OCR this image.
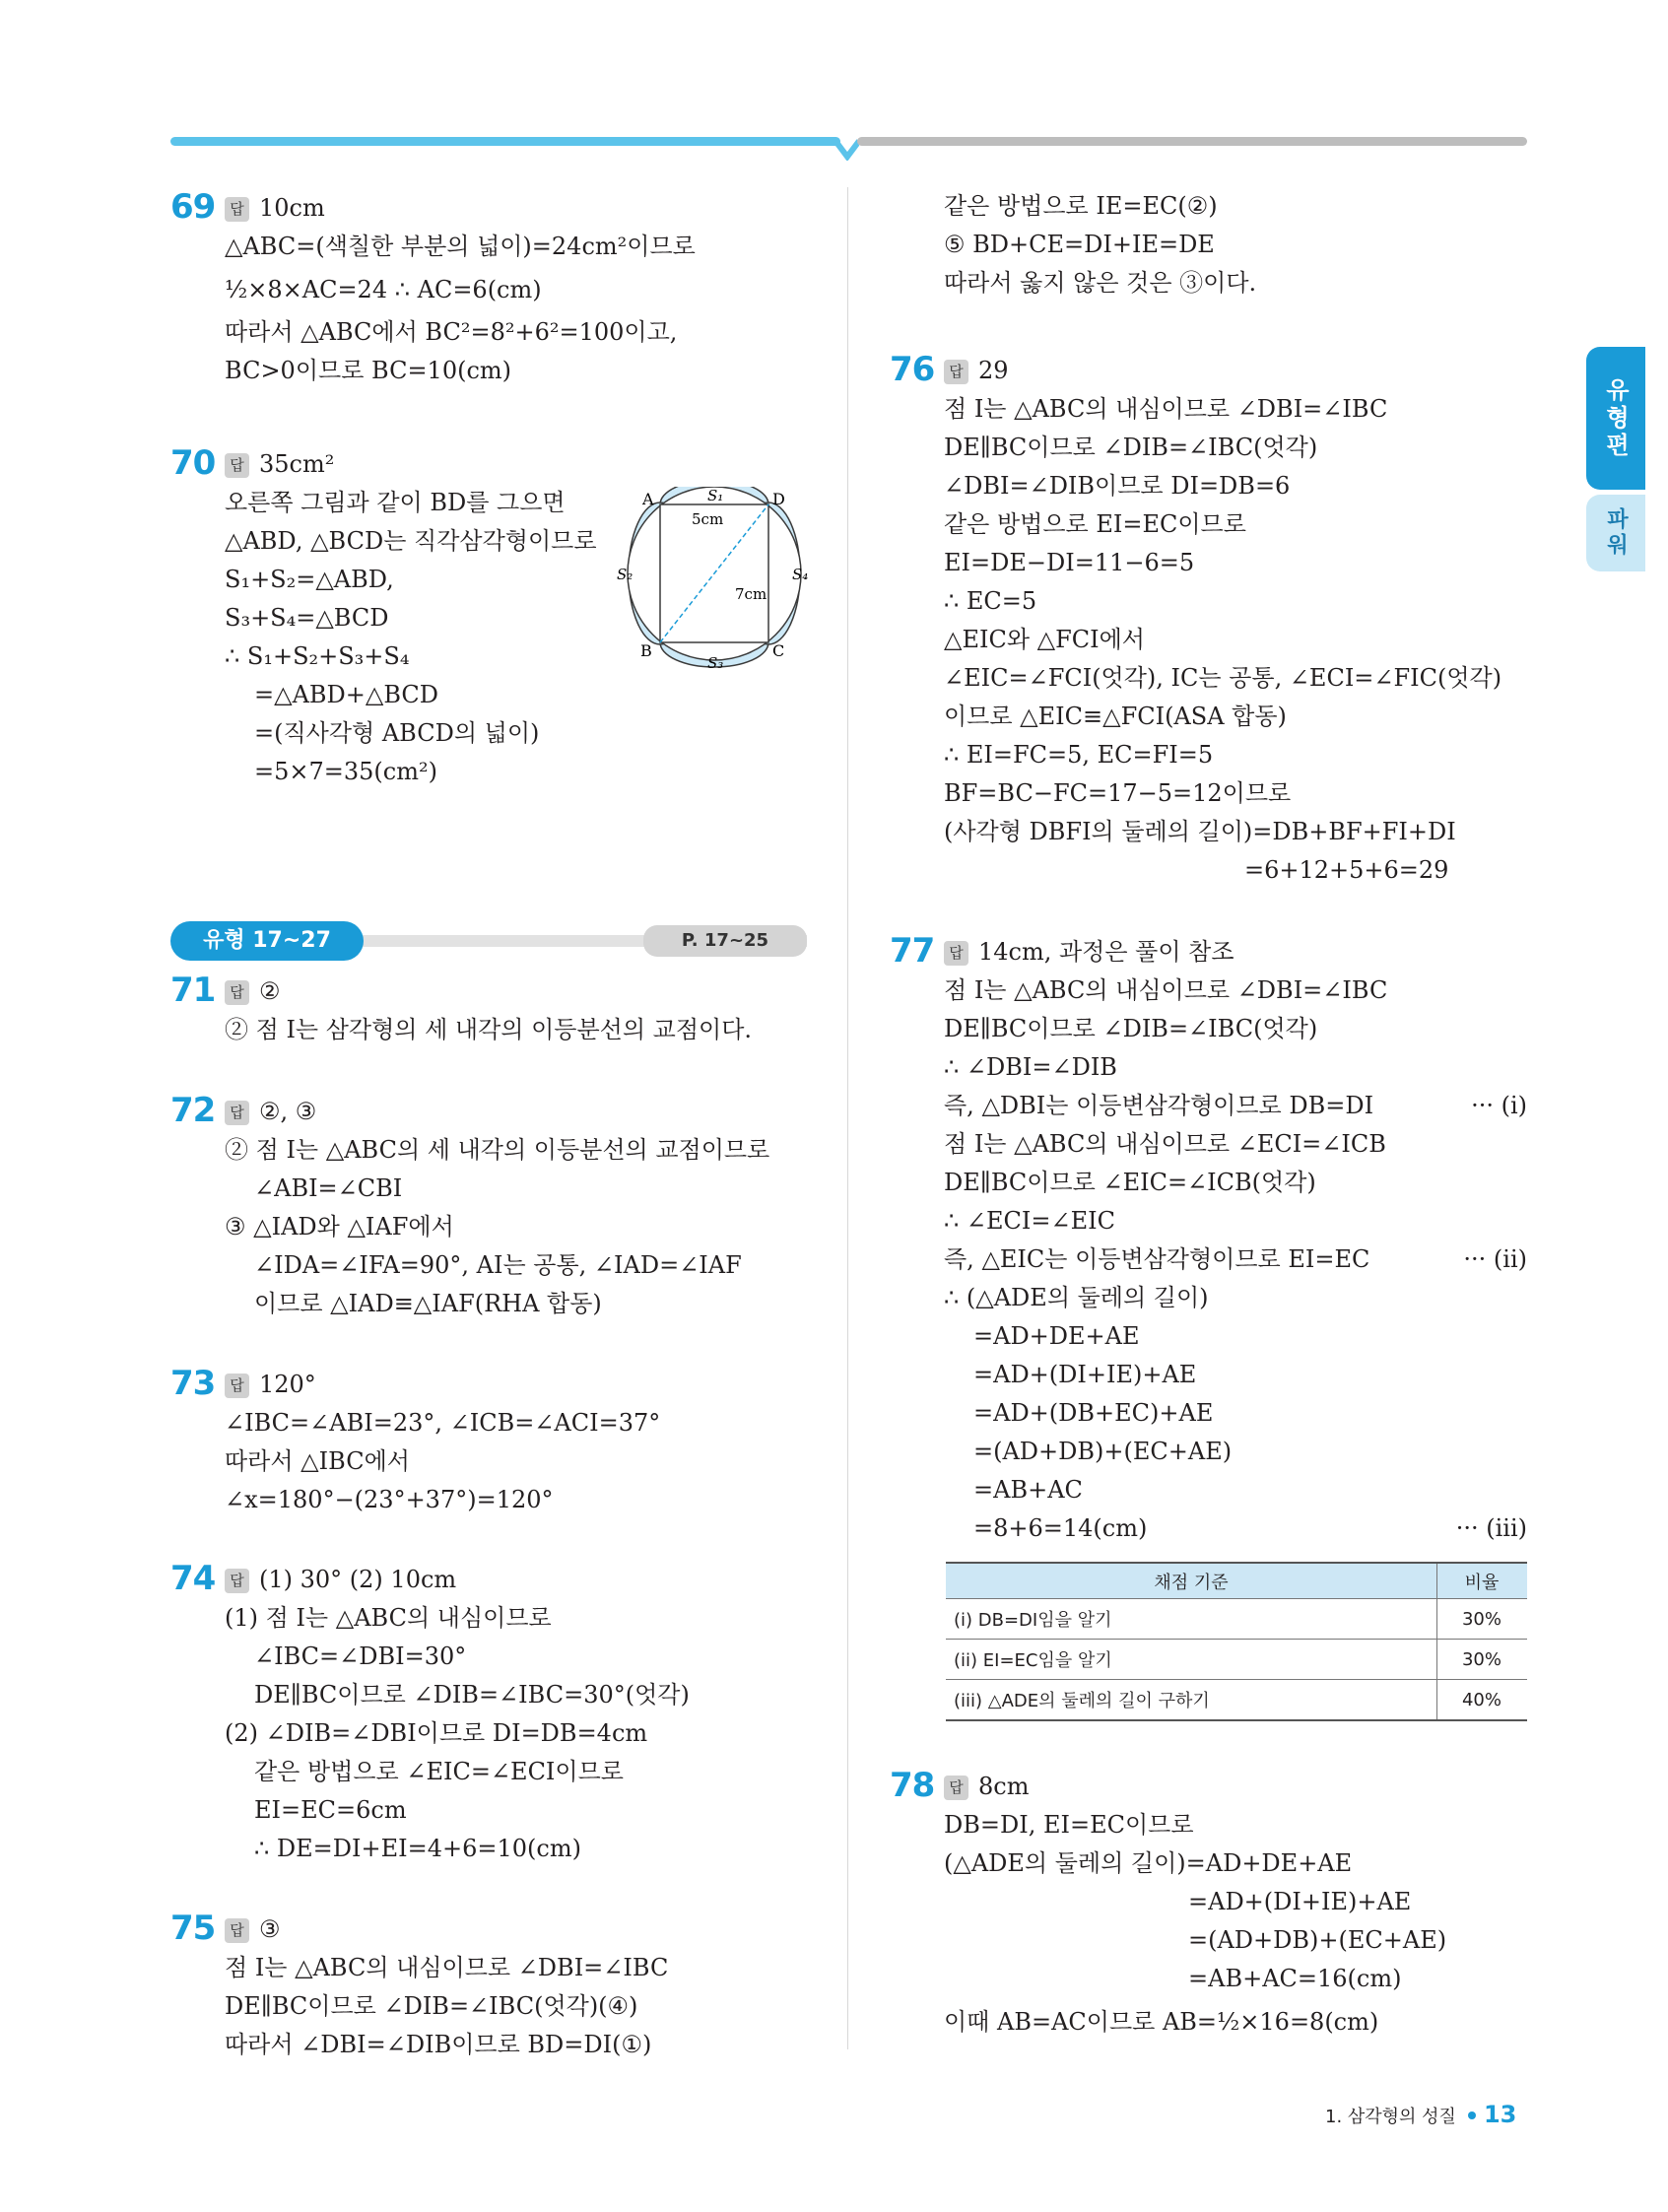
유형편
파워
69 답 10cm
△ABC=(색칠한 부분의 넓이)=24cm²이므로
½×8×AC=24 ∴ AC=6(cm)
따라서 △ABC에서 BC²=8²+6²=100이고,
BC>0이므로 BC=10(cm)
70 답 35cm²
오른쪽 그림과 같이 BD를 그으면
△ABD, △BCD는 직각삼각형이므로
S₁+S₂=△ABD,
S₃+S₄=△BCD
∴ S₁+S₂+S₃+S₄
=△ABD+△BCD
=(직사각형 ABCD의 넓이)
=5×7=35(cm²)
A	D
B	C
S₁
S₂
S₃
S₄
5cm
7cm
유형 17~27	P. 17~25
71 답 ②
② 점 I는 삼각형의 세 내각의 이등분선의 교점이다.
72 답 ②, ③
② 점 I는 △ABC의 세 내각의 이등분선의 교점이므로
∠ABI=∠CBI
③ △IAD와 △IAF에서
∠IDA=∠IFA=90°, AI는 공통, ∠IAD=∠IAF
이므로 △IAD≡△IAF(RHA 합동)
73 답 120°
∠IBC=∠ABI=23°, ∠ICB=∠ACI=37°
따라서 △IBC에서
∠x=180°−(23°+37°)=120°
74 답 (1) 30° (2) 10cm
(1) 점 I는 △ABC의 내심이므로
∠IBC=∠DBI=30°
DE∥BC이므로 ∠DIB=∠IBC=30°(엇각)
(2) ∠DIB=∠DBI이므로 DI=DB=4cm
같은 방법으로 ∠EIC=∠ECI이므로
EI=EC=6cm
∴ DE=DI+EI=4+6=10(cm)
75 답 ③
점 I는 △ABC의 내심이므로 ∠DBI=∠IBC
DE∥BC이므로 ∠DIB=∠IBC(엇각)(④)
따라서 ∠DBI=∠DIB이므로 BD=DI(①)
같은 방법으로 IE=EC(②)
⑤ BD+CE=DI+IE=DE
따라서 옳지 않은 것은 ③이다.
76 답 29
점 I는 △ABC의 내심이므로 ∠DBI=∠IBC
DE∥BC이므로 ∠DIB=∠IBC(엇각)
∠DBI=∠DIB이므로 DI=DB=6
같은 방법으로 EI=EC이므로
EI=DE−DI=11−6=5
∴ EC=5
△EIC와 △FCI에서
∠EIC=∠FCI(엇각), IC는 공통, ∠ECI=∠FIC(엇각)
이므로 △EIC≡△FCI(ASA 합동)
∴ EI=FC=5, EC=FI=5
BF=BC−FC=17−5=12이므로
(사각형 DBFI의 둘레의 길이)=DB+BF+FI+DI
=6+12+5+6=29
77 답 14cm, 과정은 풀이 참조
점 I는 △ABC의 내심이므로 ∠DBI=∠IBC
DE∥BC이므로 ∠DIB=∠IBC(엇각)
∴ ∠DBI=∠DIB
즉, △DBI는 이등변삼각형이므로 DB=DI	··· (i)
점 I는 △ABC의 내심이므로 ∠ECI=∠ICB
DE∥BC이므로 ∠EIC=∠ICB(엇각)
∴ ∠ECI=∠EIC
즉, △EIC는 이등변삼각형이므로 EI=EC	··· (ii)
∴ (△ADE의 둘레의 길이)
=AD+DE+AE
=AD+(DI+IE)+AE
=AD+(DB+EC)+AE
=(AD+DB)+(EC+AE)
=AB+AC
=8+6=14(cm)	··· (iii)
채점 기준	비율
(i) DB=DI임을 알기	30%
(ii) EI=EC임을 알기	30%
(iii) △ADE의 둘레의 길이 구하기	40%
78 답 8cm
DB=DI, EI=EC이므로
(△ADE의 둘레의 길이)=AD+DE+AE
=AD+(DI+IE)+AE
=(AD+DB)+(EC+AE)
=AB+AC=16(cm)
이때 AB=AC이므로 AB=½×16=8(cm)
1. 삼각형의 성질 13
